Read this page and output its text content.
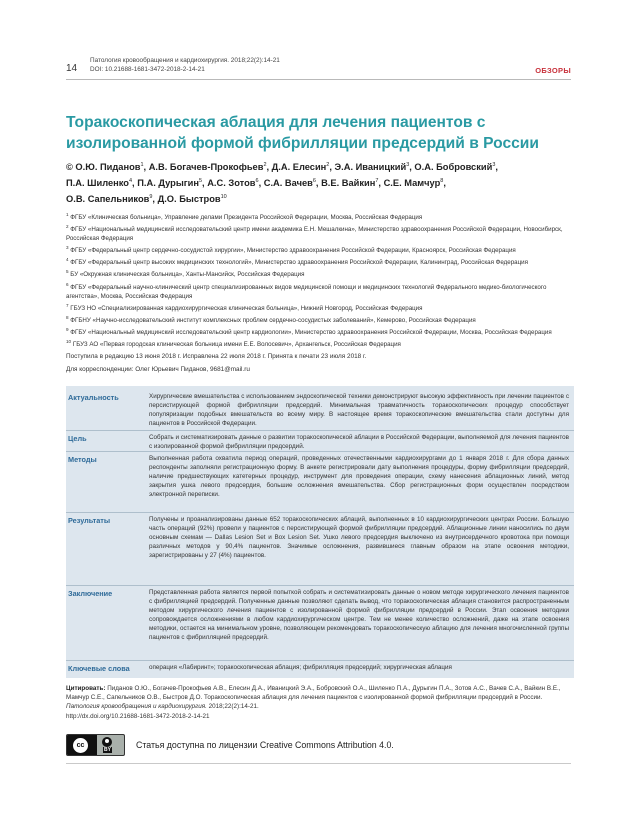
14
Патология кровообращения и кардиохирургия. 2018;22(2):14-21
DOI: 10.21688-1681-3472-2018-2-14-21	ОБЗОРЫ
Торакоскопическая аблация для лечения пациентов с изолированной формой фибрилляции предсердий в России
© О.Ю. Пиданов$^1$, А.В. Богачев-Прокофьев$^2$, Д.А. Елесин$^2$, Э.А. Иваницкий$^3$, О.А. Бобровский$^3$,
П.А. Шиленко$^4$, П.А. Дурыгин$^5$, А.С. Зотов$^6$, С.А. Вачев$^6$, В.Е. Вайкин$^7$, С.Е. Мамчур$^8$,
О.В. Сапельников$^9$, Д.О. Быстров$^{10}$

$^1$ ФГБУ «Клиническая больница», Управление делами Президента Российской Федерации, Москва, Российская Федерация

$^2$ ФГБУ «Национальный медицинский исследовательский центр имени академика Е.Н. Мешалкина», Министерство здравоохранения Российской Федерации, Новосибирск, Российская Федерация

$^3$ ФГБУ «Федеральный центр сердечно-сосудистой хирургии», Министерство здравоохранения Российской Федерации, Красноярск, Российская Федерация

$^4$ ФГБУ «Федеральный центр высоких медицинских технологий», Министерство здравоохранения Российской Федерации, Калининград, Российская Федерация

$^5$ БУ «Окружная клиническая больница», Ханты-Мансийск, Российская Федерация

$^6$ ФГБУ «Федеральный научно-клинический центр специализированных видов медицинской помощи и медицинских технологий Федерального медико-биологического агентства», Москва, Российская Федерация

$^7$ ГБУЗ НО «Специализированная кардиохирургическая клиническая больница», Нижний Новгород, Российская Федерация

$^8$ ФГБНУ «Научно-исследовательский институт комплексных проблем сердечно-сосудистых заболеваний», Кемерово, Российская Федерация

$^9$ ФГБУ «Национальный медицинский исследовательский центр кардиологии», Министерство здравоохранения Российской Федерации, Москва, Российская Федерация

$^{10}$ ГБУЗ АО «Первая городская клиническая больница имени Е.Е. Волосевич», Архангельск, Российская Федерация

Поступила в редакцию 13 июня 2018 г. Исправлена 22 июля 2018 г. Принята к печати 23 июля 2018 г.
Для корреспонденции: Олег Юрьевич Пиданов, 9681@mail.ru
Актуальность	Хирургические вмешательства с использованием эндоскопической техники демонстрируют высокую эффективность при лечении пациентов с персистирующей формой фибрилляции предсердий. Минимальная травматичность торакоскопических процедур способствует популяризации подобных вмешательств во всему миру. В настоящее время торакоскопические вмешательства стали доступны для пациентов в Российской Федерации.

Цель	Собрать и систематизировать данные о развитии торакоскопической аблации в Российской Федерации, выполняемой для лечения пациентов с изолированной формой фибрилляции предсердий.

Методы	Выполненная работа охватила период операций, проведенных отечественными кардиохирургами до 1 января 2018 г. Для сбора данных респонденты заполняли регистрационную форму. В анкете регистрировали дату выполнения процедуры, форму фибрилляции предсердий, наличие предшествующих катетерных процедур, инструмент для проведения операции, схему нанесения аблационных линий, метод закрытия ушка левого предсердия, большие осложнения вмешательства. Сбор регистрационных форм осуществлен посредством электронной переписки.

Результаты	Получены и проанализированы данные 652 торакоскопических аблаций, выполненных в 10 кардиохирургических центрах России. Большую часть операций (92%) провели у пациентов с персистирующей формой фибрилляции предсердий. Аблационные линии наносились по двум основным схемам — Dallas Lesion Set и Box Lesion Set. Ушко левого предсердия выключено из внутрисердечного кровотока при помощи различных методов у 90,4% пациентов. Значимые осложнения, развившиеся главным образом на этапе освоения методики, зарегистрированы у 27 (4%) пациентов.

Заключение	Представленная работа является первой попыткой собрать и систематизировать данные о новом методе хирургического лечения пациентов с фибрилляцией предсердий. Полученные данные позволяют сделать вывод, что торакоскопическая аблация становится распространенным методом хирургического лечения пациентов с изолированной формой фибрилляции предсердий в России. Этап освоения методики сопровождается осложнениями в любом кардиохирургическом центре. Тем не менее количество осложнений, даже на этапе освоения методики, остается на минимальном уровне, позволяющем рекомендовать торакоскопическую аблацию для лечения многочисленной группы пациентов с фибрилляцией предсердий.

Ключевые слова	операция «Лабиринт»; торакоскопическая аблация; фибрилляция предсердий; хирургическая аблация

Цитировать: Пиданов О.Ю., Богачев-Прокофьев А.В., Елесин Д.А., Иваницкий Э.А., Бобровский О.А., Шиленко П.А., Дурыгин П.А., Зотов А.С., Вачев С.А., Вайкин В.Е., Мамчур С.Е., Сапельников О.В., Быстров Д.О. Торакоскопическая аблация для лечения пациентов с изолированной формой фибрилляции предсердий в России. Патология кровообращения и кардиохирургия. 2018;22(2):14-21.
http://dx.doi.org/10.21688-1681-3472-2018-2-14-21

cc
BY	Статья доступна по лицензии Creative Commons Attribution 4.0.
